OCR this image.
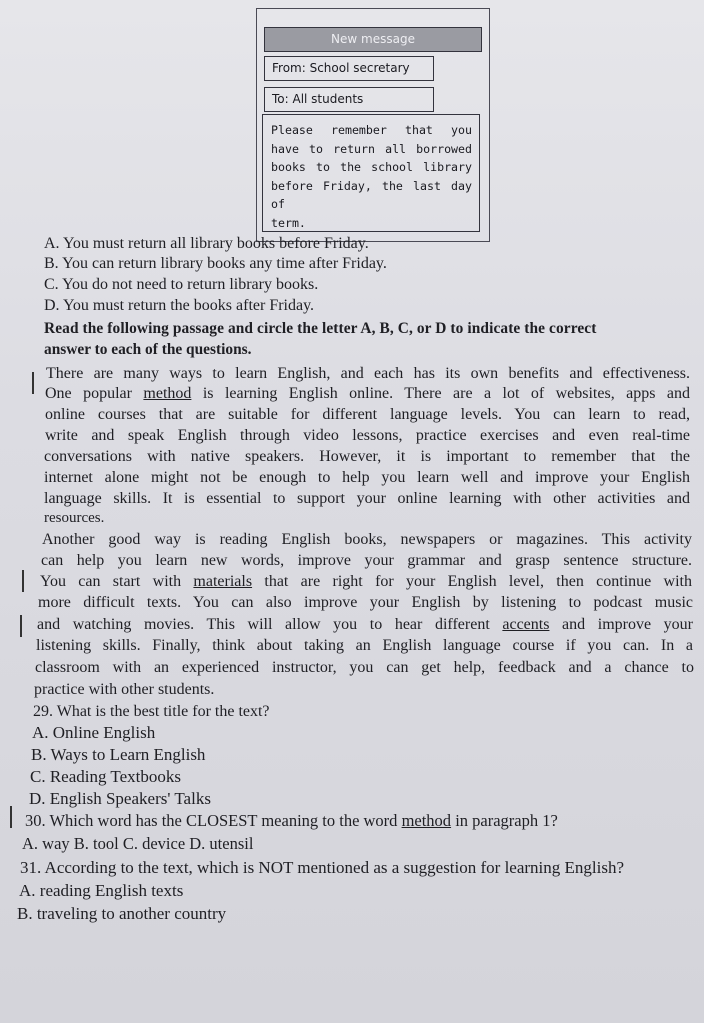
New message
From: School secretary
To: All students
Please remember that you
have to return all borrowed
books to the school library
before Friday, the last day of
term.
A. You must return all library books before Friday.
B. You can return library books any time after Friday.
C. You do not need to return library books.
D. You must return the books after Friday.
Read the following passage and circle the letter A, B, C, or D to indicate the correct
answer to each of the questions.
There are many ways to learn English, and each has its own benefits and effectiveness.
One popular method is learning English online. There are a lot of websites, apps and
online courses that are suitable for different language levels. You can learn to read,
write and speak English through video lessons, practice exercises and even real-time
conversations with native speakers. However, it is important to remember that the
internet alone might not be enough to help you learn well and improve your English
language skills. It is essential to support your online learning with other activities and
resources.
Another good way is reading English books, newspapers or magazines. This activity
can help you learn new words, improve your grammar and grasp sentence structure.
You can start with materials that are right for your English level, then continue with
more difficult texts. You can also improve your English by listening to podcast music
and watching movies. This will allow you to hear different accents and improve your
listening skills. Finally, think about taking an English language course if you can. In a
classroom with an experienced instructor, you can get help, feedback and a chance to
practice with other students.
29. What is the best title for the text?
A. Online English
B. Ways to Learn English
C. Reading Textbooks
D. English Speakers' Talks
30. Which word has the CLOSEST meaning to the word method in paragraph 1?
A. way B. tool C. device D. utensil
31. According to the text, which is NOT mentioned as a suggestion for learning English?
A. reading English texts
B. traveling to another country
